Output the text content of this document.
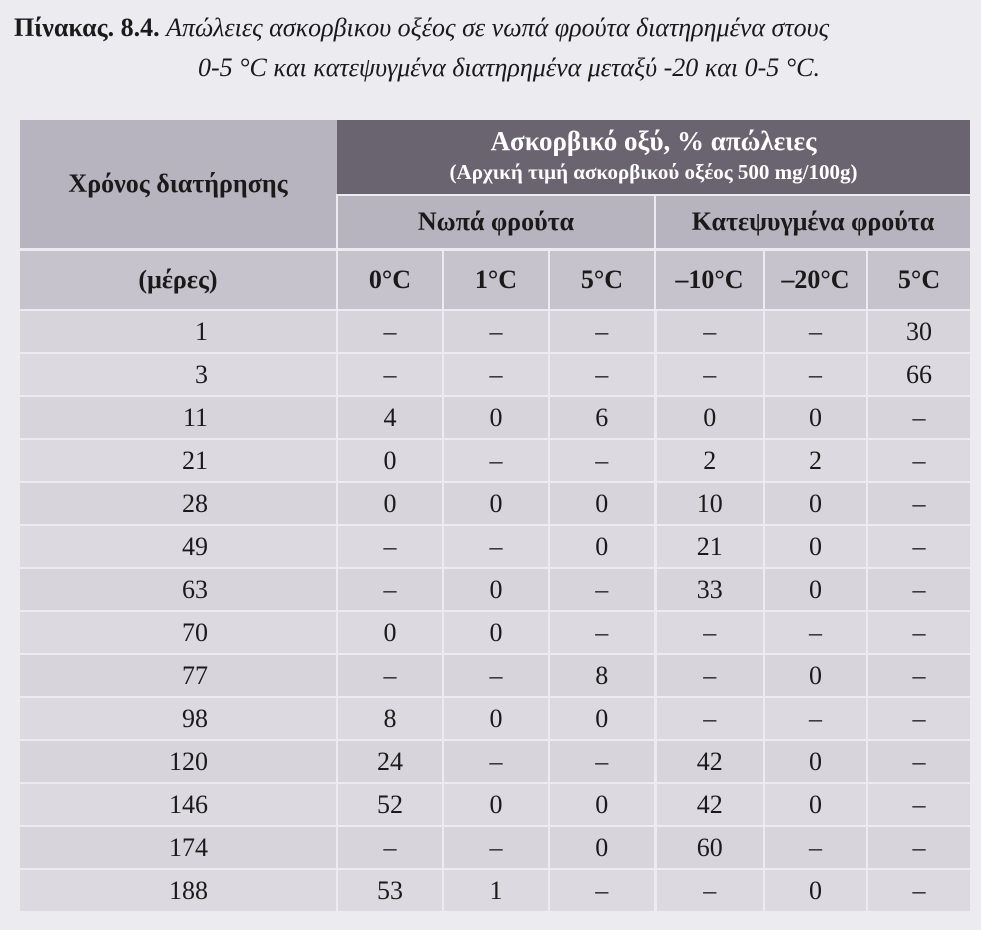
Πίνακας. 8.4. Απώλειες ασκορβικου οξέος σε νωπά φρούτα διατηρημένα στους
0-5 °C και κατεψυγμένα διατηρημένα μεταξύ -20 και 0-5 °C.
Χρόνος διατήρησης	Ασκορβικό οξύ, % απώλειες
(Αρχική τιμή ασκορβικού οξέος 500 mg/100g)					

	Νωπά φρούτα			Κατεψυγμένα φρούτα		
(μέρες)	0°C	1°C	5°C	–10°C	–20°C	5°C
1	–	–	–	–	–	30
3	–	–	–	–	–	66
11	4	0	6	0	0	–
21	0	–	–	2	2	–
28	0	0	0	10	0	–
49	–	–	0	21	0	–
63	–	0	–	33	0	–
70	0	0	–	–	–	–
77	–	–	8	–	0	–
98	8	0	0	–	–	–
120	24	–	–	42	0	–
146	52	0	0	42	0	–
174	–	–	0	60	–	–
188	53	1	–	–	0	–
